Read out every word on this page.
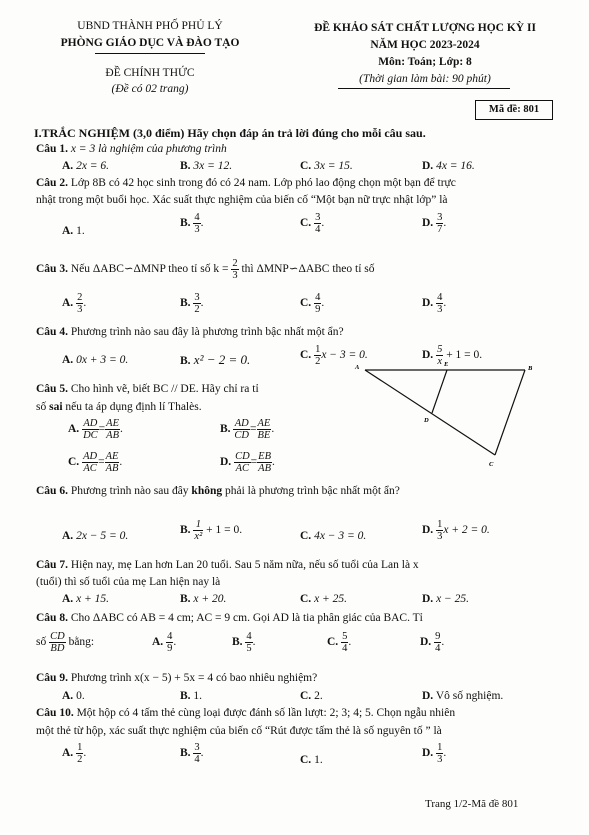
UBND THÀNH PHỐ PHỦ LÝ
PHÒNG GIÁO DỤC VÀ ĐÀO TẠO
ĐỀ CHÍNH THỨC
(Đề có 02 trang)
ĐỀ KHẢO SÁT CHẤT LƯỢNG HỌC KỲ II
NĂM HỌC 2023-2024
Môn: Toán; Lớp: 8
(Thời gian làm bài: 90 phút)
Mã đề: 801
I.TRẮC NGHIỆM (3,0 điểm) Hãy chọn đáp án trả lời đúng cho mỗi câu sau.
Câu 1. x = 3 là nghiệm của phương trình
A. 2x = 6.	B. 3x = 12.	C. 3x = 15.	D. 4x = 16.
Câu 2. Lớp 8B có 42 học sinh trong đó có 24 nam. Lớp phó lao động chọn một bạn để trực
nhật trong một buổi học. Xác suất thực nghiệm của biến cố “Một bạn nữ trực nhật lớp” là
A. 1.
B. $\frac{4}{3}$ .	C. $\frac{3}{4}$ .	D. $\frac{3}{7}$ .
Câu 3. Nếu ΔABC∽ΔMNP theo tỉ số $k = \frac{2}{3}$ thì ΔMNP∽ΔABC theo tỉ số
A. $\frac{2}{3}$ .	B. $\frac{3}{2}$ .	C. $\frac{4}{9}$ .	D. $\frac{4}{3}$ .
Câu 4. Phương trình nào sau đây là phương trình bậc nhất một ẩn?
A. 0x + 3 = 0.	B. x² − 2 = 0.	C. $\frac{1}{2}$ x − 3 = 0.	D. $\frac{5}{x} + 1 = 0$.
Câu 5. Cho hình vẽ, biết BC // DE. Hãy chỉ ra tỉ
số sai nếu ta áp dụng định lí Thalès.
A. $\frac{AD}{DC} = \frac{AE}{AB}$ .	B. $\frac{AD}{CD} = \frac{AE}{BE}$ .
C. $\frac{AD}{AC} = \frac{AE}{AB}$ .	D. $\frac{CD}{AC} = \frac{EB}{AB}$ .
A	E
B
D
C
Câu 6. Phương trình nào sau đây không phải là phương trình bậc nhất một ẩn?
A. 2x − 5 = 0.	B. $\frac{1}{\text{x²}} + 1 = 0$.	C. 4x − 3 = 0.	D. $\frac{1}{3}$ x + 2 = 0.
Câu 7. Hiện nay, mẹ Lan hơn Lan 20 tuổi. Sau 5 năm nữa, nếu số tuổi của Lan là x
(tuổi) thì số tuổi của mẹ Lan hiện nay là
A. x + 15.	B. x + 20.	C. x + 25.	D. x − 25.
Câu 8. Cho ΔABC có AB = 4 cm; AC = 9 cm. Gọi AD là tia phân giác của BAC. Tỉ
số $\frac{CD}{BD}$ bằng:	A. $\frac{4}{9}$ .	B. $\frac{4}{5}$ .	C. $\frac{5}{4}$ .	D. $\frac{9}{4}$ .
Câu 9. Phương trình x(x − 5) + 5x = 4 có bao nhiêu nghiệm?
A. 0.	B. 1.	C. 2.	D. Vô số nghiệm.
Câu 10. Một hộp có 4 tấm thẻ cùng loại được đánh số lần lượt: 2; 3; 4; 5. Chọn ngẫu nhiên
một thẻ từ hộp, xác suất thực nghiệm của biến cố “Rút được tấm thẻ là số nguyên tố ” là
A. $\frac{1}{2}$ .	B. $\frac{3}{4}$ .
C. 1.
D. $\frac{1}{3}$ .
Trang 1/2-Mã đề 801
